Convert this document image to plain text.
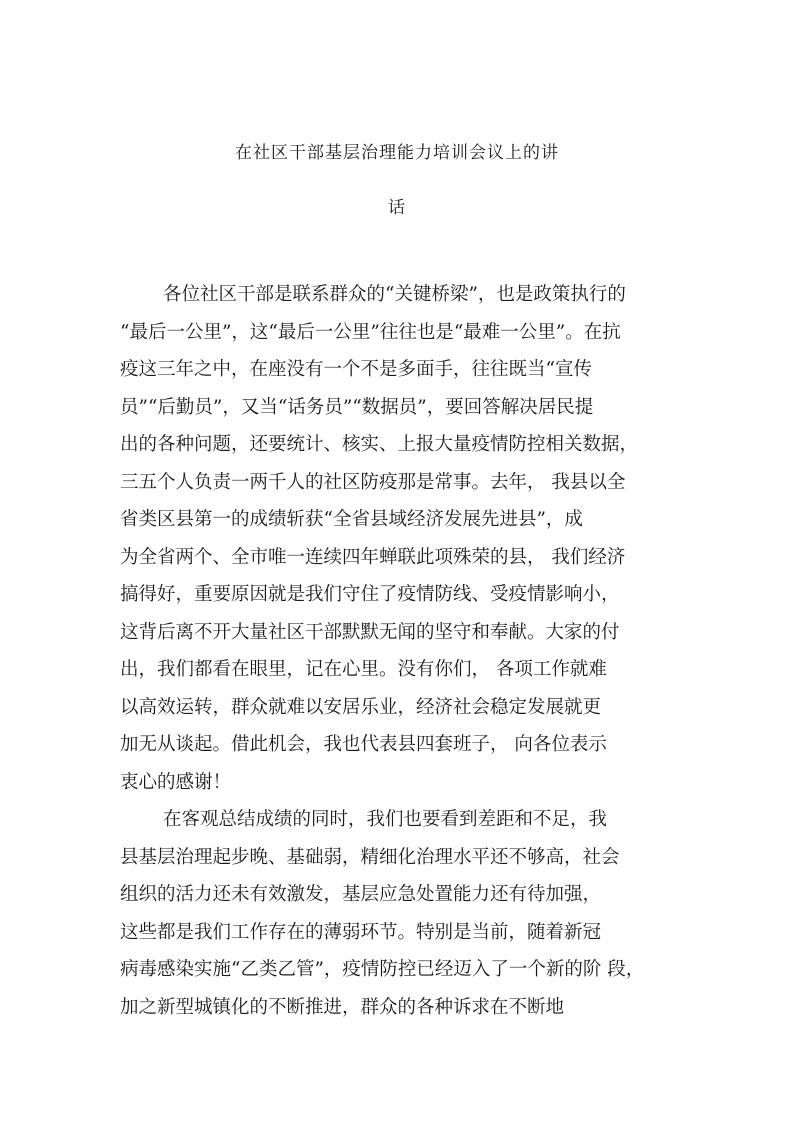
在社区干部基层治理能力培训会议上的讲
话
各位社区干部是联系群众的“关键桥梁”，也是政策执行的
“最后一公里”，这“最后一公里”往往也是“最难一公里”。在抗
疫这三年之中，在座没有一个不是多面手，往往既当“宣传
员”“后勤员”，又当“话务员”“数据员”，要回答解决居民提
出的各种问题，还要统计、核实、上报大量疫情防控相关数据，
三五个人负责一两千人的社区防疫那是常事。去年， 我县以全
省类区县第一的成绩斩获“全省县域经济发展先进县”，成
为全省两个、全市唯一连续四年蝉联此项殊荣的县， 我们经济
搞得好，重要原因就是我们守住了疫情防线、受疫情影响小，
这背后离不开大量社区干部默默无闻的坚守和奉献。大家的付
出，我们都看在眼里，记在心里。没有你们， 各项工作就难
以高效运转，群众就难以安居乐业，经济社会稳定发展就更
加无从谈起。借此机会，我也代表县四套班子， 向各位表示
衷心的感谢！
在客观总结成绩的同时，我们也要看到差距和不足，我
县基层治理起步晚、基础弱，精细化治理水平还不够高，社会
组织的活力还未有效激发，基层应急处置能力还有待加强，
这些都是我们工作存在的薄弱环节。特别是当前，随着新冠
病毒感染实施“乙类乙管”，疫情防控已经迈入了一个新的阶 段，
加之新型城镇化的不断推进，群众的各种诉求在不断地
